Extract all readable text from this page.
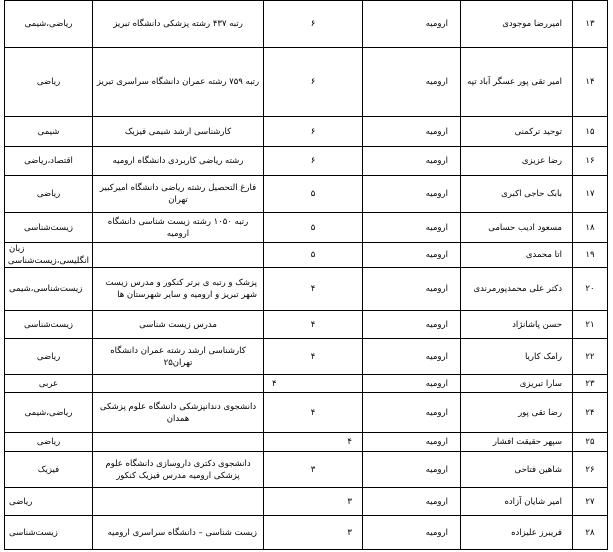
۱۳	امیررضا موجودی	ارومیه	۶	رتبه ۴۳۷ رشته پزشکی دانشگاه تبریز	ریاضی،شیمی
۱۴	امیر تقی پور عسگر آباد تپه	ارومیه	۶	رتبه ۷۵۹ رشته عمران دانشگاه سراسری تبریز	ریاضی
۱۵	توحید ترکمنی	ارومیه	۶	کارشناسی ارشد شیمی فیزیک	شیمی
۱۶	رضا عزیزی	ارومیه	۶	رشته ریاضی کاربردی دانشگاه ارومیه	اقتصاد،ریاضی
۱۷	بابک حاجی اکبری	ارومیه	۵	فارغ التحصیل رشته ریاضی دانشگاه امیرکبیر تهران	ریاضی
۱۸	مسعود ادیب حسامی	ارومیه	۵	رتبه ۱۰۵۰ رشته زیست شناسی دانشگاه ارومیه	زیست‌شناسی
۱۹	اتا محمدی	ارومیه	۵		زبان انگلیسی،زیست‌شناسی
۲۰	دکتر علی محمدپورمرندی	ارومیه	۴	پزشک و رتبه ی برتر کنکور و مدرس زیست شهر تبریز و ارومیه و سایر شهرستان ها	زیست‌شناسی،شیمی
۲۱	حسن پاشانژاد	ارومیه	۴	مدرس زیست شناسی	زیست‌شناسی
۲۲	رامک کاریا	ارومیه	۴	کارشناسی ارشد رشته عمران دانشگاه تهران۲۵	ریاضی
۲۳	سارا تبریزی	ارومیه	۴		عربی
۲۴	رضا تقی پور	ارومیه	۴	دانشجوی دندانپزشکی دانشگاه علوم پزشکی همدان	ریاضی،شیمی
۲۵	سپهر حقیقت افشار	ارومیه	۴		ریاضی
۲۶	شاهین فتاحی	ارومیه	۳	دانشجوی دکتری داروسازی دانشگاه علوم پزشکی ارومیه مدرس فیزیک کنکور	فیزیک
۲۷	امیر شایان آزاده	ارومیه	۳		ریاضی
۲۸	فریبرز علیزاده	ارومیه	۳	زیست شناسی – دانشگاه سراسری ارومیه	زیست‌شناسی
